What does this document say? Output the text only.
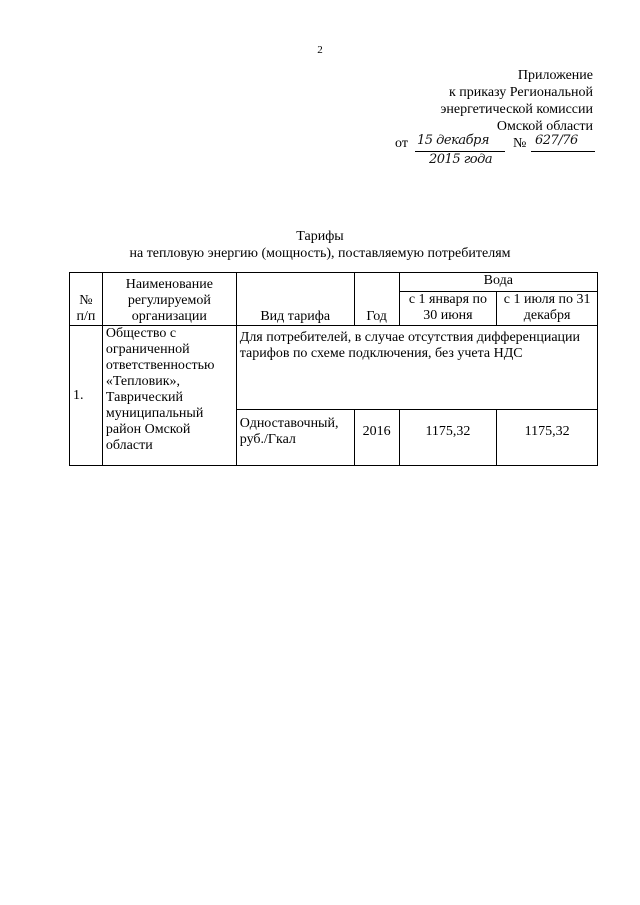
2
Приложение
к приказу Региональной
энергетической комиссии
Омской области
от 15 декабря № 627/76
2015 года
Тарифы
на тепловую энергию (мощность), поставляемую потребителям
№ п/п	Наименование регулируемой организации	Вид тарифа	Год	Вода	
				с 1 января по 30 июня	с 1 июля по 31 декабря
1.	Общество с ограниченной ответственностью «Тепловик», Таврический муниципальный район Омской области	Для потребителей, в случае отсутствия дифференциации тарифов по схеме подключения, без учета НДС			
		Одноставочный, руб./Гкал	2016	1175,32	1175,32
